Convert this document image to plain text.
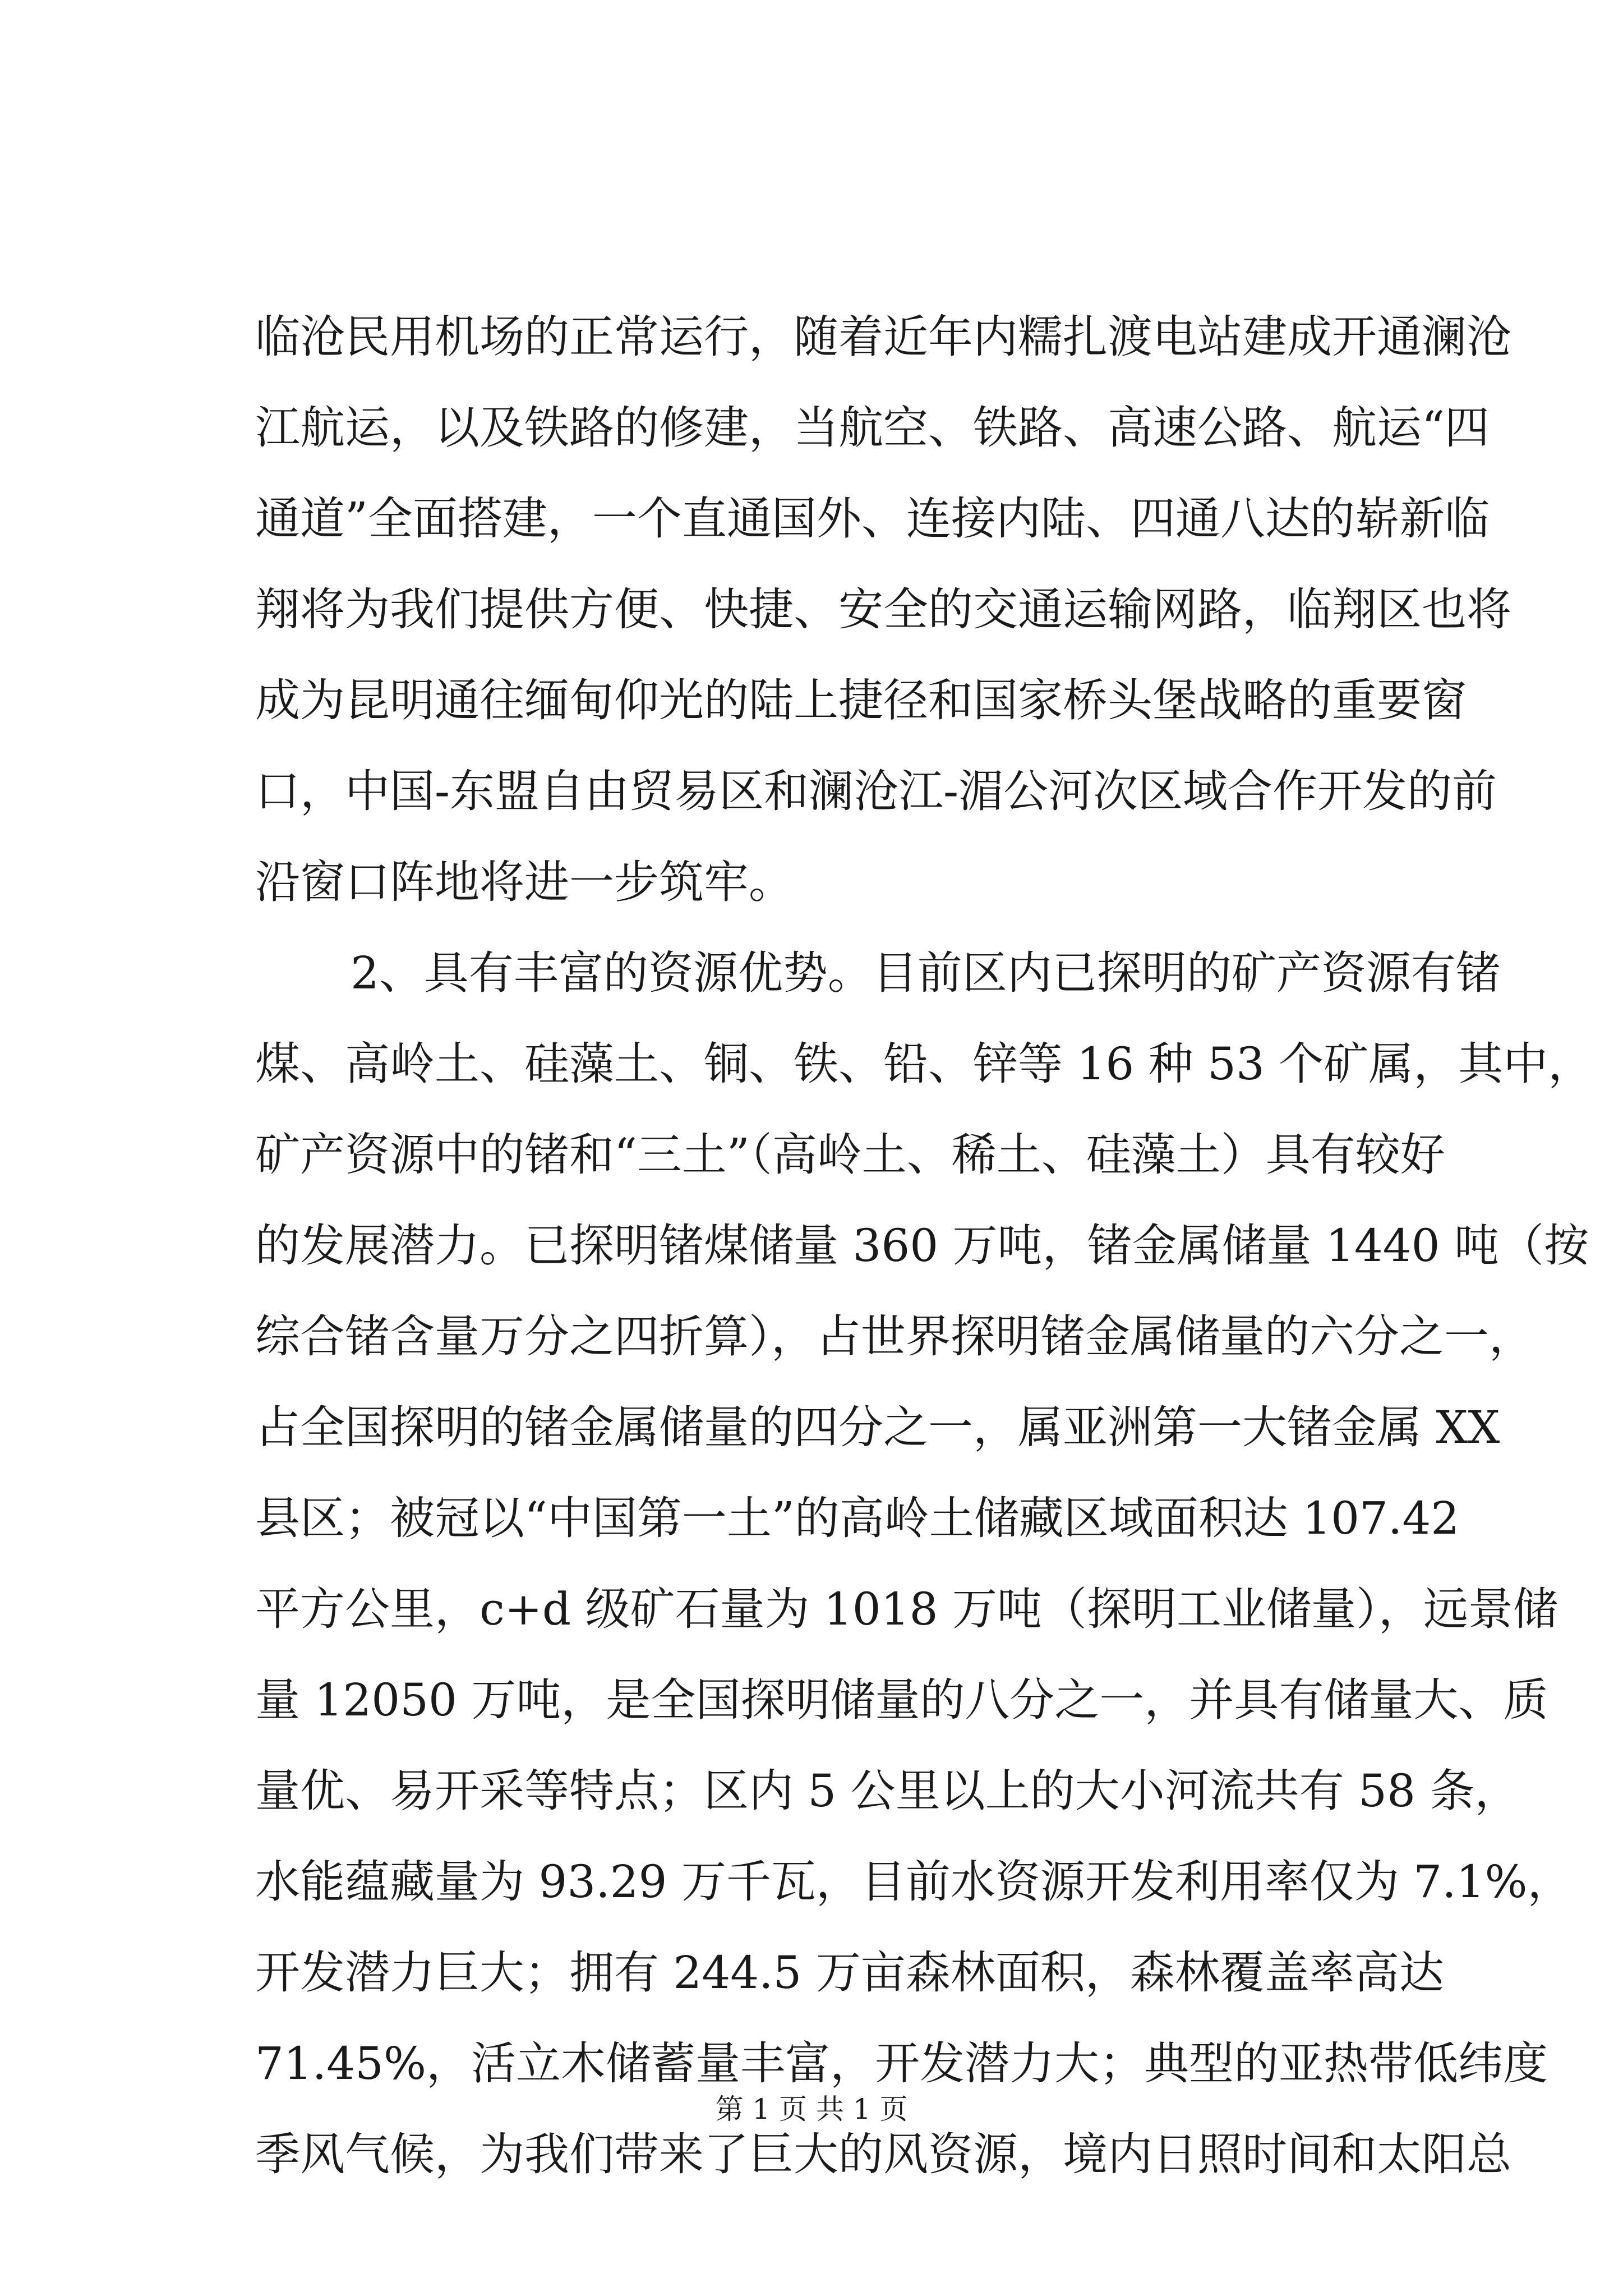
临沧民用机场的正常运行，随着近年内糯扎渡电站建成开通澜沧
江航运，以及铁路的修建，当航空、铁路、高速公路、航运“四
通道”全面搭建，一个直通国外、连接内陆、四通八达的崭新临
翔将为我们提供方便、快捷、安全的交通运输网路，临翔区也将
成为昆明通往缅甸仰光的陆上捷径和国家桥头堡战略的重要窗
口，中国-东盟自由贸易区和澜沧江-湄公河次区域合作开发的前
沿窗口阵地将进一步筑牢。
2、具有丰富的资源优势。目前区内已探明的矿产资源有锗
煤、高岭土、硅藻土、铜、铁、铅、锌等 16 种 53 个矿属，其中，
矿产资源中的锗和“三土”（高岭土、稀土、硅藻土）具有较好
的发展潜力。已探明锗煤储量 360 万吨，锗金属储量 1440 吨（按
综合锗含量万分之四折算），占世界探明锗金属储量的六分之一，
占全国探明的锗金属储量的四分之一，属亚洲第一大锗金属 XX
县区；被冠以“中国第一土”的高岭土储藏区域面积达 107.42
平方公里，c+d 级矿石量为 1018 万吨（探明工业储量），远景储
量 12050 万吨，是全国探明储量的八分之一，并具有储量大、质
量优、易开采等特点；区内 5 公里以上的大小河流共有 58 条，
水能蕴藏量为 93.29 万千瓦，目前水资源开发利用率仅为 7.1%，
开发潜力巨大；拥有 244.5 万亩森林面积，森林覆盖率高达
71.45%，活立木储蓄量丰富，开发潜力大；典型的亚热带低纬度
季风气候，为我们带来了巨大的风资源，境内日照时间和太阳总
第 1 页 共 1 页
